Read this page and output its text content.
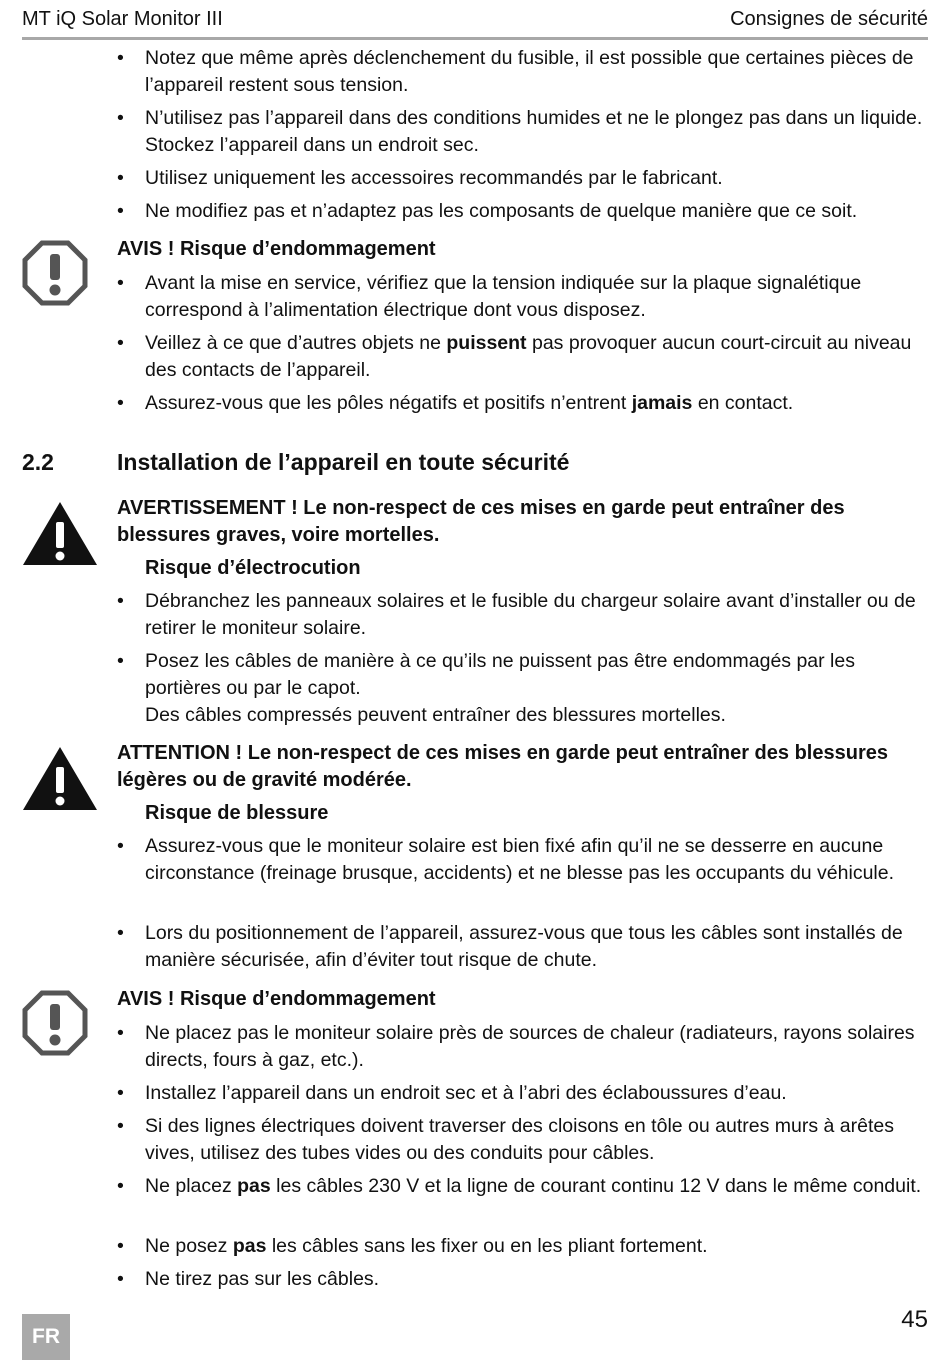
MT iQ Solar Monitor III	Consignes de sécurité
• Notez que même après déclenchement du fusible, il est possible que certaines pièces de l’appareil restent sous tension.
• N’utilisez pas l’appareil dans des conditions humides et ne le plongez pas dans un liquide. Stockez l’appareil dans un endroit sec.
• Utilisez uniquement les accessoires recommandés par le fabricant.
• Ne modifiez pas et n’adaptez pas les composants de quelque manière que ce soit.
AVIS ! Risque d’endommagement
• Avant la mise en service, vérifiez que la tension indiquée sur la plaque signalétique correspond à l’alimentation électrique dont vous disposez.
• Veillez à ce que d’autres objets ne puissent pas provoquer aucun court-circuit au niveau des contacts de l’appareil.
• Assurez-vous que les pôles négatifs et positifs n’entrent jamais en contact.
2.2	Installation de l’appareil en toute sécurité
AVERTISSEMENT ! Le non-respect de ces mises en garde peut entraîner des blessures graves, voire mortelles.
Risque d’électrocution
• Débranchez les panneaux solaires et le fusible du chargeur solaire avant d’installer ou de retirer le moniteur solaire.
• Posez les câbles de manière à ce qu’ils ne puissent pas être endommagés par les portières ou par le capot.
Des câbles compressés peuvent entraîner des blessures mortelles.
ATTENTION ! Le non-respect de ces mises en garde peut entraîner des blessures légères ou de gravité modérée.
Risque de blessure
• Assurez-vous que le moniteur solaire est bien fixé afin qu’il ne se desserre en aucune circonstance (freinage brusque, accidents) et ne blesse pas les occupants du véhicule.
• Lors du positionnement de l’appareil, assurez-vous que tous les câbles sont installés de manière sécurisée, afin d’éviter tout risque de chute.
AVIS ! Risque d’endommagement
• Ne placez pas le moniteur solaire près de sources de chaleur (radiateurs, rayons solaires directs, fours à gaz, etc.).
• Installez l’appareil dans un endroit sec et à l’abri des éclaboussures d’eau.
• Si des lignes électriques doivent traverser des cloisons en tôle ou autres murs à arêtes vives, utilisez des tubes vides ou des conduits pour câbles.
• Ne placez pas les câbles 230 V et la ligne de courant continu 12 V dans le même conduit.
• Ne posez pas les câbles sans les fixer ou en les pliant fortement.
• Ne tirez pas sur les câbles.
FR
45
